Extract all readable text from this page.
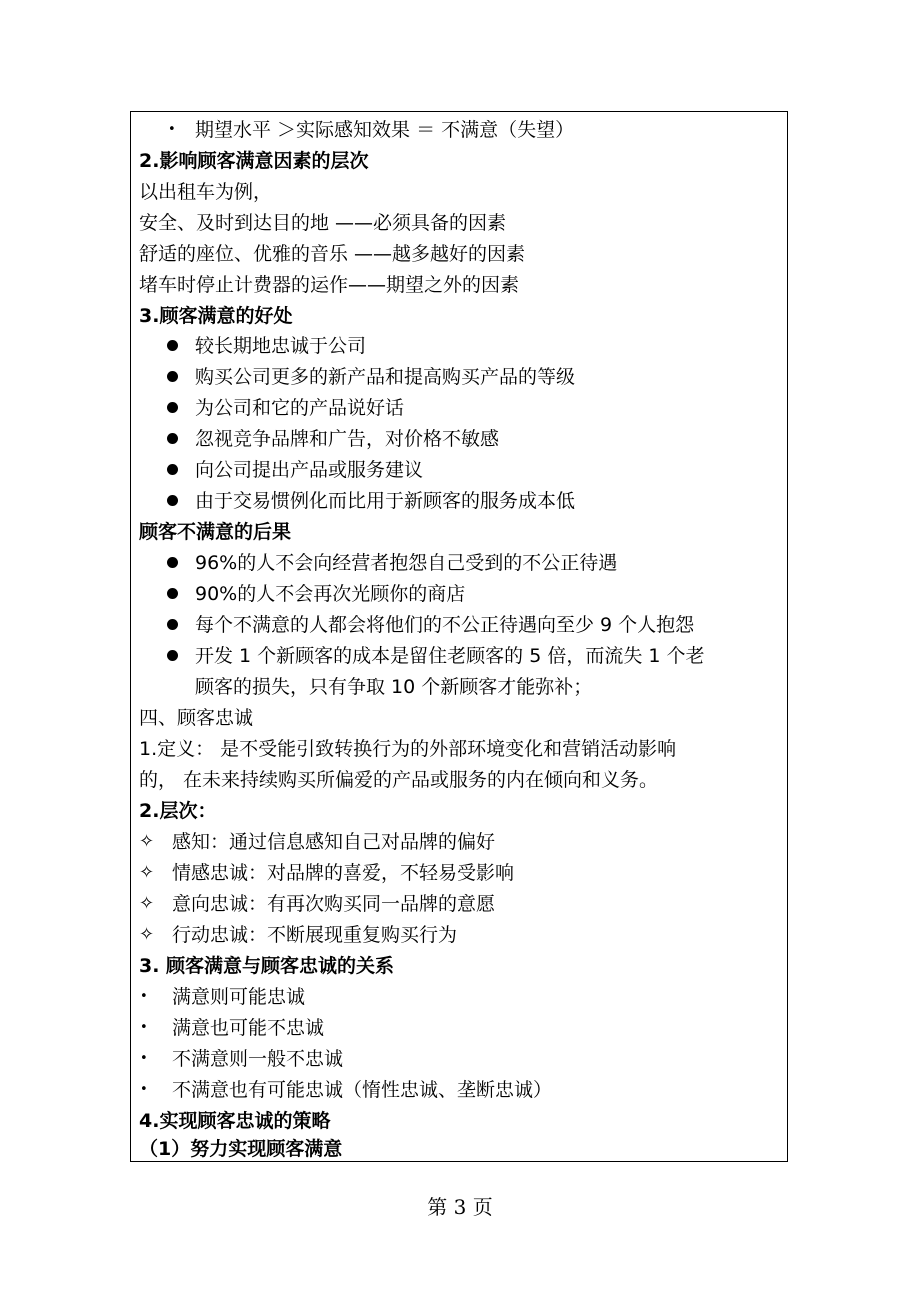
• 期望水平 ＞实际感知效果 ＝ 不满意（失望）
2.影响顾客满意因素的层次
以出租车为例，
安全、及时到达目的地 ——必须具备的因素
舒适的座位、优雅的音乐 ——越多越好的因素
堵车时停止计费器的运作——期望之外的因素
3.顾客满意的好处
较长期地忠诚于公司
购买公司更多的新产品和提高购买产品的等级
为公司和它的产品说好话
忽视竞争品牌和广告，对价格不敏感
向公司提出产品或服务建议
由于交易惯例化而比用于新顾客的服务成本低
顾客不满意的后果
96%的人不会向经营者抱怨自己受到的不公正待遇
90%的人不会再次光顾你的商店
每个不满意的人都会将他们的不公正待遇向至少 9 个人抱怨
开发 1 个新顾客的成本是留住老顾客的 5 倍，而流失 1 个老
顾客的损失，只有争取 10 个新顾客才能弥补；
四、顾客忠诚
1.定义： 是不受能引致转换行为的外部环境变化和营销活动影响
的， 在未来持续购买所偏爱的产品或服务的内在倾向和义务。
2.层次：
✧ 感知：通过信息感知自己对品牌的偏好
✧ 情感忠诚：对品牌的喜爱，不轻易受影响
✧ 意向忠诚：有再次购买同一品牌的意愿
✧ 行动忠诚：不断展现重复购买行为
3. 顾客满意与顾客忠诚的关系
• 满意则可能忠诚
• 满意也可能不忠诚
• 不满意则一般不忠诚
• 不满意也有可能忠诚（惰性忠诚、垄断忠诚）
4.实现顾客忠诚的策略
（1）努力实现顾客满意
第 3 页
